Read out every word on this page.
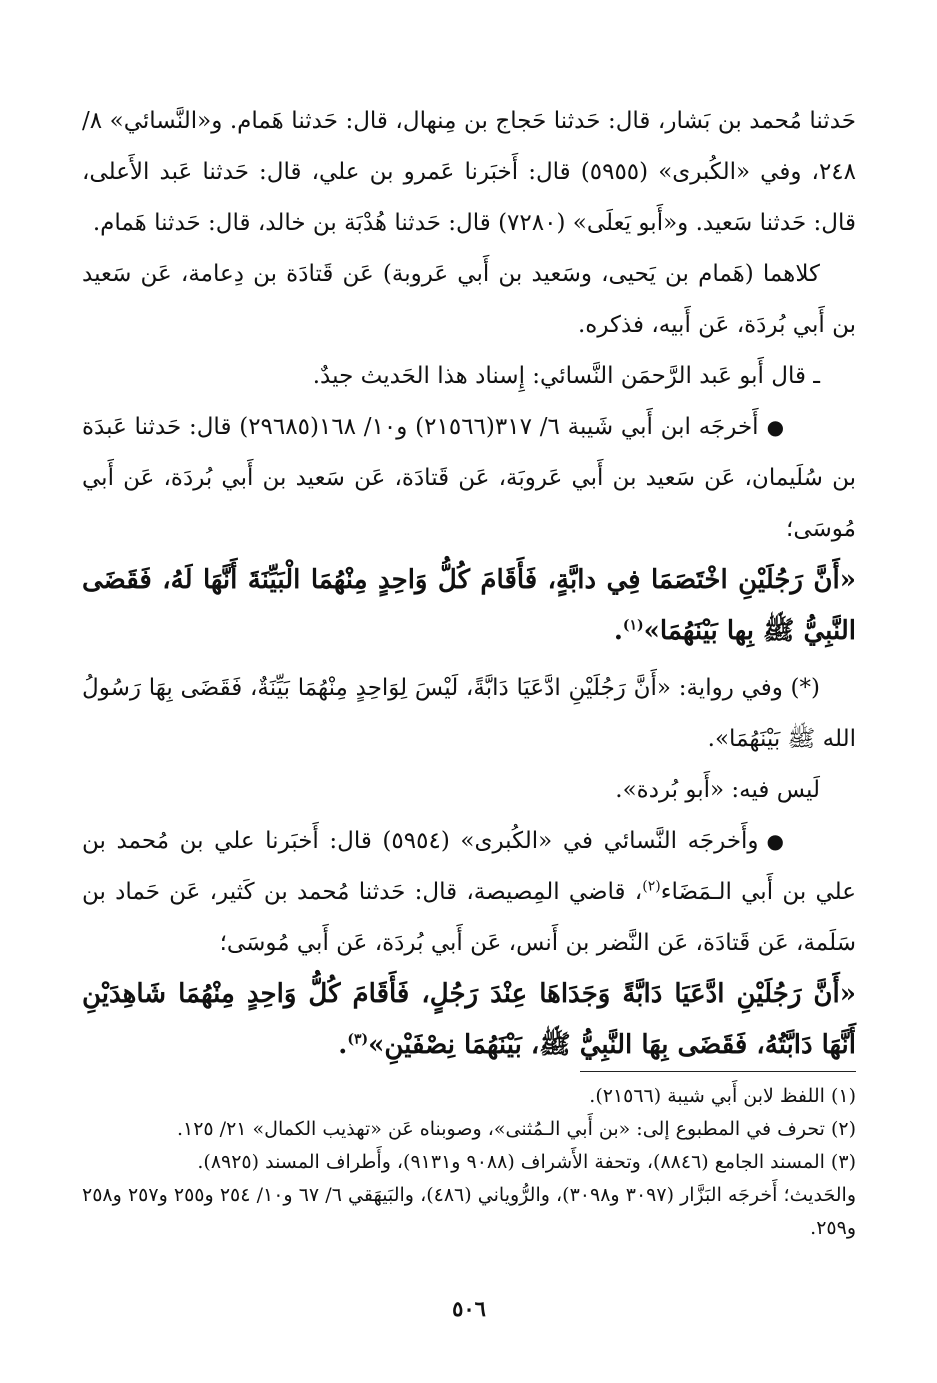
حَدثنا مُحمد بن بَشار، قال: حَدثنا حَجاج بن مِنهال، قال: حَدثنا هَمام. و«النَّسائي» ٨/ ٢٤٨، وفي «الكُبرى» (٥٩٥٥) قال: أَخبَرنا عَمرو بن علي، قال: حَدثنا عَبد الأَعلى، قال: حَدثنا سَعيد. و«أَبو يَعلَى» (٧٢٨٠) قال: حَدثنا هُدْبَة بن خالد، قال: حَدثنا هَمام.

كلاهما (هَمام بن يَحيى، وسَعيد بن أَبي عَروبة) عَن قَتادَة بن دِعامة، عَن سَعيد بن أَبي بُردَة، عَن أَبيه، فذكره.

ـ قال أَبو عَبد الرَّحمَن النَّسائي: إِسناد هذا الحَديث جيدٌ.

●أَخرجَه ابن أَبي شَيبة ٦/ ٣١٧(٢١٥٦٦) و١٠/ ١٦٨(٢٩٦٨٥) قال: حَدثنا عَبدَة بن سُلَيمان، عَن سَعيد بن أَبي عَروبَة، عَن قَتادَة، عَن سَعيد بن أَبي بُردَة، عَن أَبي مُوسَى؛

«أَنَّ رَجُلَيْنِ اخْتَصَمَا فِي دابَّةٍ، فَأَقَامَ كُلُّ وَاحِدٍ مِنْهُمَا الْبَيِّنَةَ أَنَّهَا لَهُ، فَقَضَى النَّبِيُّ ﷺ بِها بَيْنَهُمَا»$^{(١)}$.

(*) وفي رواية: «أَنَّ رَجُلَيْنِ ادَّعَيَا دَابَّةً، لَيْسَ لِوَاحِدٍ مِنْهُمَا بَيِّنَةٌ، فَقَضَى بِهَا رَسُولُ الله ﷺ بَيْنَهُمَا».

لَيس فيه: «أَبو بُردة».

●وأَخرجَه النَّسائي في «الكُبرى» (٥٩٥٤) قال: أَخبَرنا علي بن مُحمد بن علي بن أَبي الـمَضَاء$^{(٢)}$، قاضي المِصيصة، قال: حَدثنا مُحمد بن كَثير، عَن حَماد بن سَلَمة، عَن قَتادَة، عَن النَّضر بن أَنس، عَن أَبي بُردَة، عَن أَبي مُوسَى؛

«أَنَّ رَجُلَيْنِ ادَّعَيَا دَابَّةً وَجَدَاهَا عِنْدَ رَجُلٍ، فَأَقَامَ كُلُّ وَاحِدٍ مِنْهُمَا شَاهِدَيْنِ أَنَّهَا دَابَّتُهُ، فَقَضَى بِهَا النَّبِيُّ ﷺ، بَيْنَهُمَا نِصْفَيْنِ»$^{(٣)}$.

(١) اللفظ لابن أَبي شيبة (٢١٥٦٦).

(٢) تحرف في المطبوع إلى: «بن أَبي الـمُثنى»، وصوبناه عَن «تهذيب الكمال» ٢١/ ١٢٥.

(٣) المسند الجامع (٨٨٤٦)، وتحفة الأَشراف (٩٠٨٨ و٩١٣١)، وأَطراف المسند (٨٩٢٥).

والحَديث؛ أَخرجَه البَزَّار (٣٠٩٧ و٣٠٩٨)، والرُّوياني (٤٨٦)، والبَيهَقي ٦/ ٦٧ و١٠/ ٢٥٤ و٢٥٥ و٢٥٧ و٢٥٨ و٢٥٩.

٥٠٦
